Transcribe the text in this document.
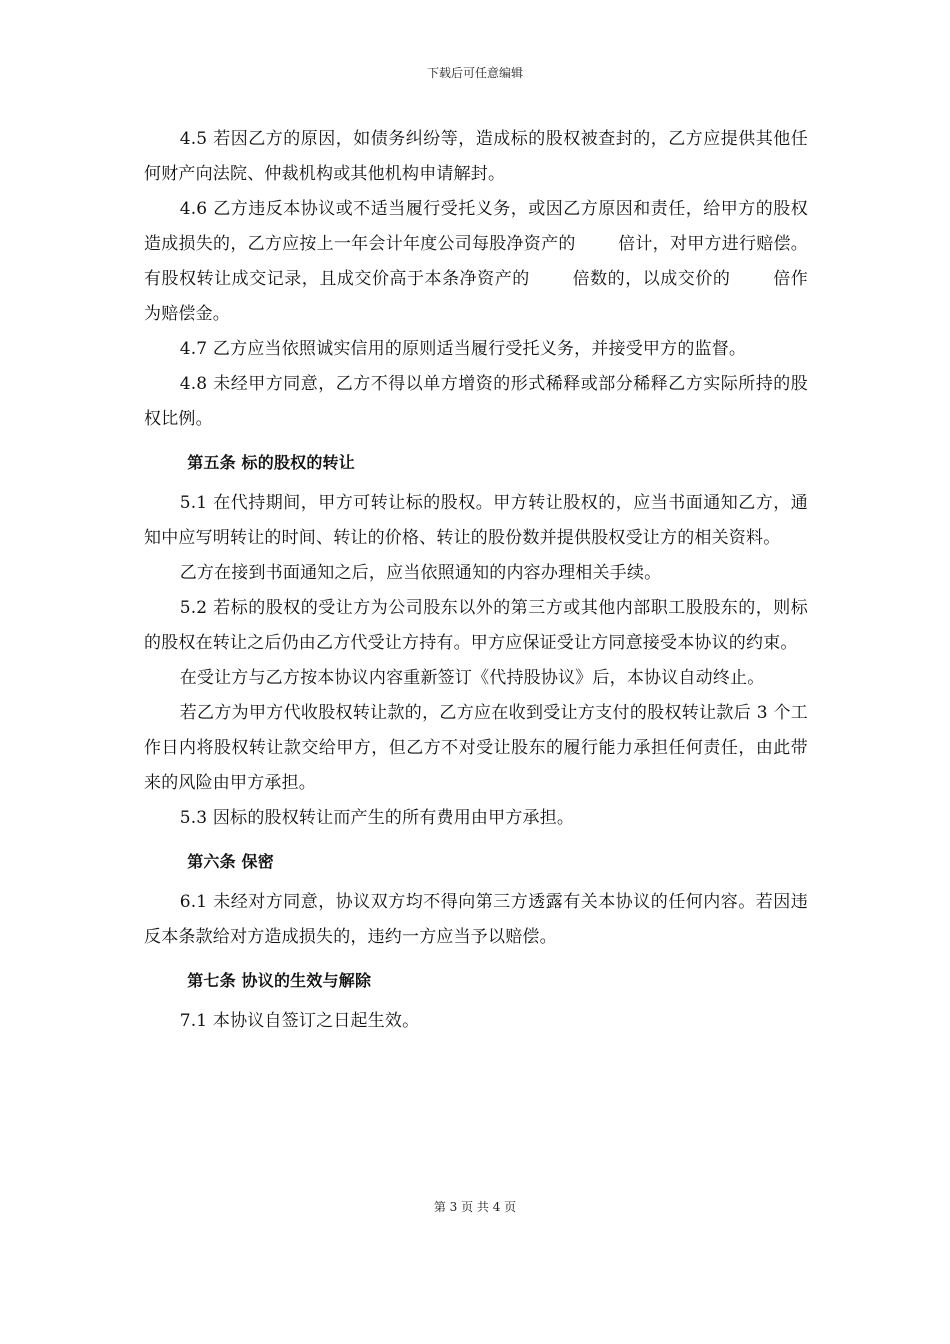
下载后可任意编辑

4.5 若因乙方的原因，如债务纠纷等，造成标的股权被查封的，乙方应提供其他任何财产向法院、仲裁机构或其他机构申请解封。

4.6 乙方违反本协议或不适当履行受托义务，或因乙方原因和责任，给甲方的股权造成损失的，乙方应按上一年会计年度公司每股净资产的	倍计，对甲方进行赔偿。有股权转让成交记录，且成交价高于本条净资产的	倍数的，以成交价的	倍作为赔偿金。

4.7 乙方应当依照诚实信用的原则适当履行受托义务，并接受甲方的监督。

4.8 未经甲方同意，乙方不得以单方增资的形式稀释或部分稀释乙方实际所持的股权比例。

第五条 标的股权的转让

5.1 在代持期间，甲方可转让标的股权。甲方转让股权的，应当书面通知乙方，通知中应写明转让的时间、转让的价格、转让的股份数并提供股权受让方的相关资料。

乙方在接到书面通知之后，应当依照通知的内容办理相关手续。

5.2 若标的股权的受让方为公司股东以外的第三方或其他内部职工股股东的，则标的股权在转让之后仍由乙方代受让方持有。甲方应保证受让方同意接受本协议的约束。

在受让方与乙方按本协议内容重新签订《代持股协议》后，本协议自动终止。

若乙方为甲方代收股权转让款的，乙方应在收到受让方支付的股权转让款后 3 个工作日内将股权转让款交给甲方，但乙方不对受让股东的履行能力承担任何责任，由此带来的风险由甲方承担。

5.3 因标的股权转让而产生的所有费用由甲方承担。

第六条 保密

6.1 未经对方同意，协议双方均不得向第三方透露有关本协议的任何内容。若因违反本条款给对方造成损失的，违约一方应当予以赔偿。

第七条 协议的生效与解除

7.1 本协议自签订之日起生效。

第 3 页 共 4 页
